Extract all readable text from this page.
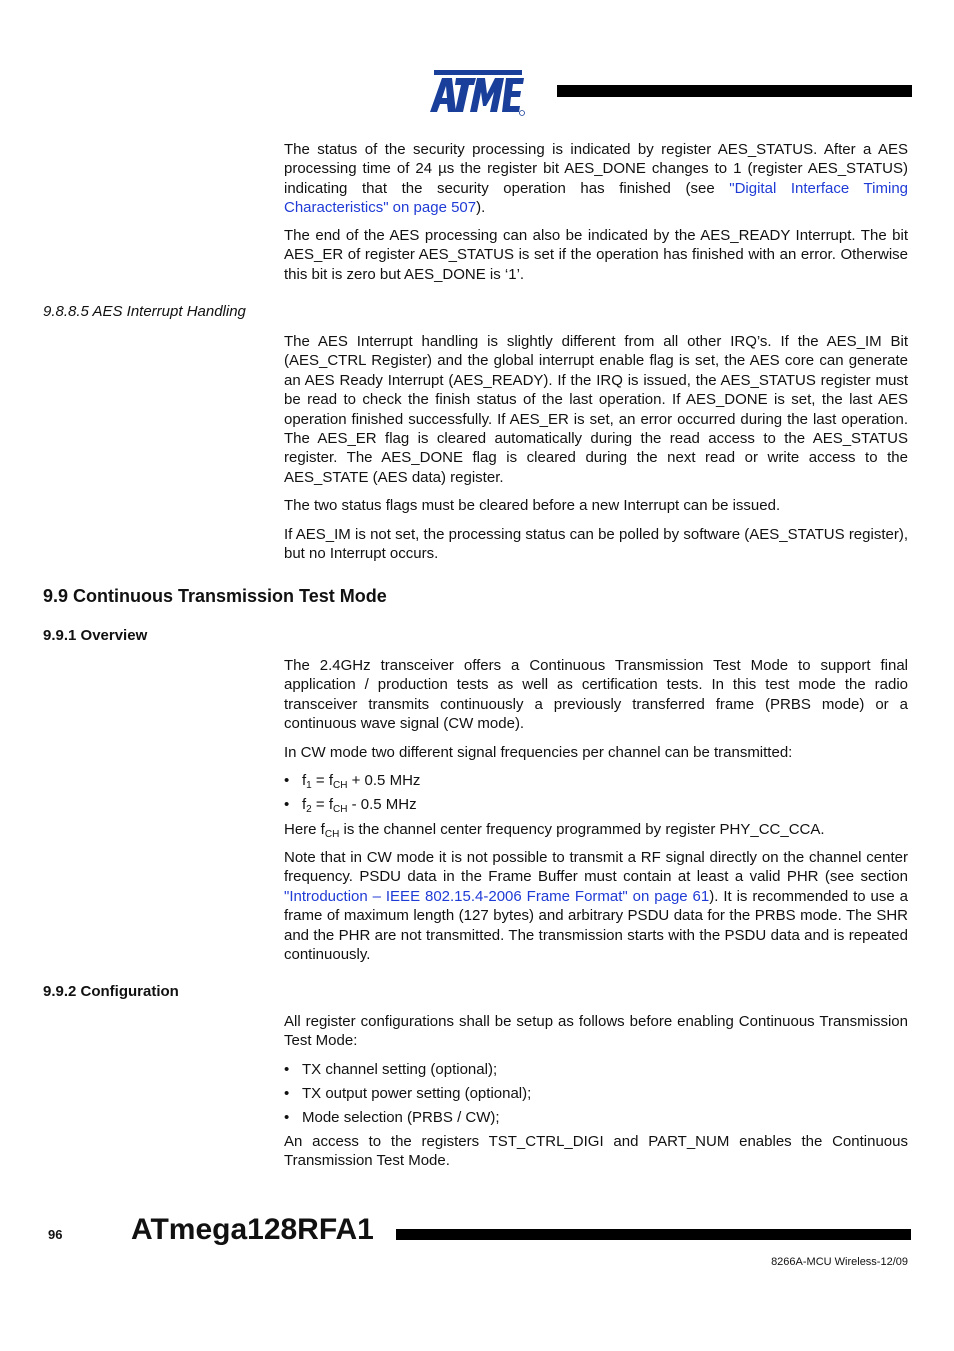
The status of the security processing is indicated by register AES_STATUS. After a AES processing time of 24 µs the register bit AES_DONE changes to 1 (register AES_STATUS) indicating that the security operation has finished (see "Digital Interface Timing Characteristics" on page 507).

The end of the AES processing can also be indicated by the AES_READY Interrupt. The bit AES_ER of register AES_STATUS is set if the operation has finished with an error. Otherwise this bit is zero but AES_DONE is ‘1’.

9.8.8.5 AES Interrupt Handling

The AES Interrupt handling is slightly different from all other IRQ’s. If the AES_IM Bit (AES_CTRL Register) and the global interrupt enable flag is set, the AES core can generate an AES Ready Interrupt (AES_READY). If the IRQ is issued, the AES_STATUS register must be read to check the finish status of the last operation. If AES_DONE is set, the last AES operation finished successfully. If AES_ER is set, an error occurred during the last operation. The AES_ER flag is cleared automatically during the read access to the AES_STATUS register. The AES_DONE flag is cleared during the next read or write access to the AES_STATE (AES data) register.

The two status flags must be cleared before a new Interrupt can be issued.

If AES_IM is not set, the processing status can be polled by software (AES_STATUS register), but no Interrupt occurs.

9.9 Continuous Transmission Test Mode
9.9.1 Overview

The 2.4GHz transceiver offers a Continuous Transmission Test Mode to support final application / production tests as well as certification tests. In this test mode the radio transceiver transmits continuously a previously transferred frame (PRBS mode) or a continuous wave signal (CW mode).

In CW mode two different signal frequencies per channel can be transmitted:

• $f_1 = f_{CH} + 0.5$ MHz
• $f_2 = f_{CH} - 0.5$ MHz

Here $f_{CH}$ is the channel center frequency programmed by register PHY_CC_CCA.

Note that in CW mode it is not possible to transmit a RF signal directly on the channel center frequency. PSDU data in the Frame Buffer must contain at least a valid PHR (see section "Introduction – IEEE 802.15.4-2006 Frame Format" on page 61). It is recommended to use a frame of maximum length (127 bytes) and arbitrary PSDU data for the PRBS mode. The SHR and the PHR are not transmitted. The transmission starts with the PSDU data and is repeated continuously.

9.9.2 Configuration

All register configurations shall be setup as follows before enabling Continuous Transmission Test Mode:

• TX channel setting (optional);
• TX output power setting (optional);
• Mode selection (PRBS / CW);

An access to the registers TST_CTRL_DIGI and PART_NUM enables the Continuous Transmission Test Mode.

96 ATmega128RFA1
8266A-MCU Wireless-12/09
